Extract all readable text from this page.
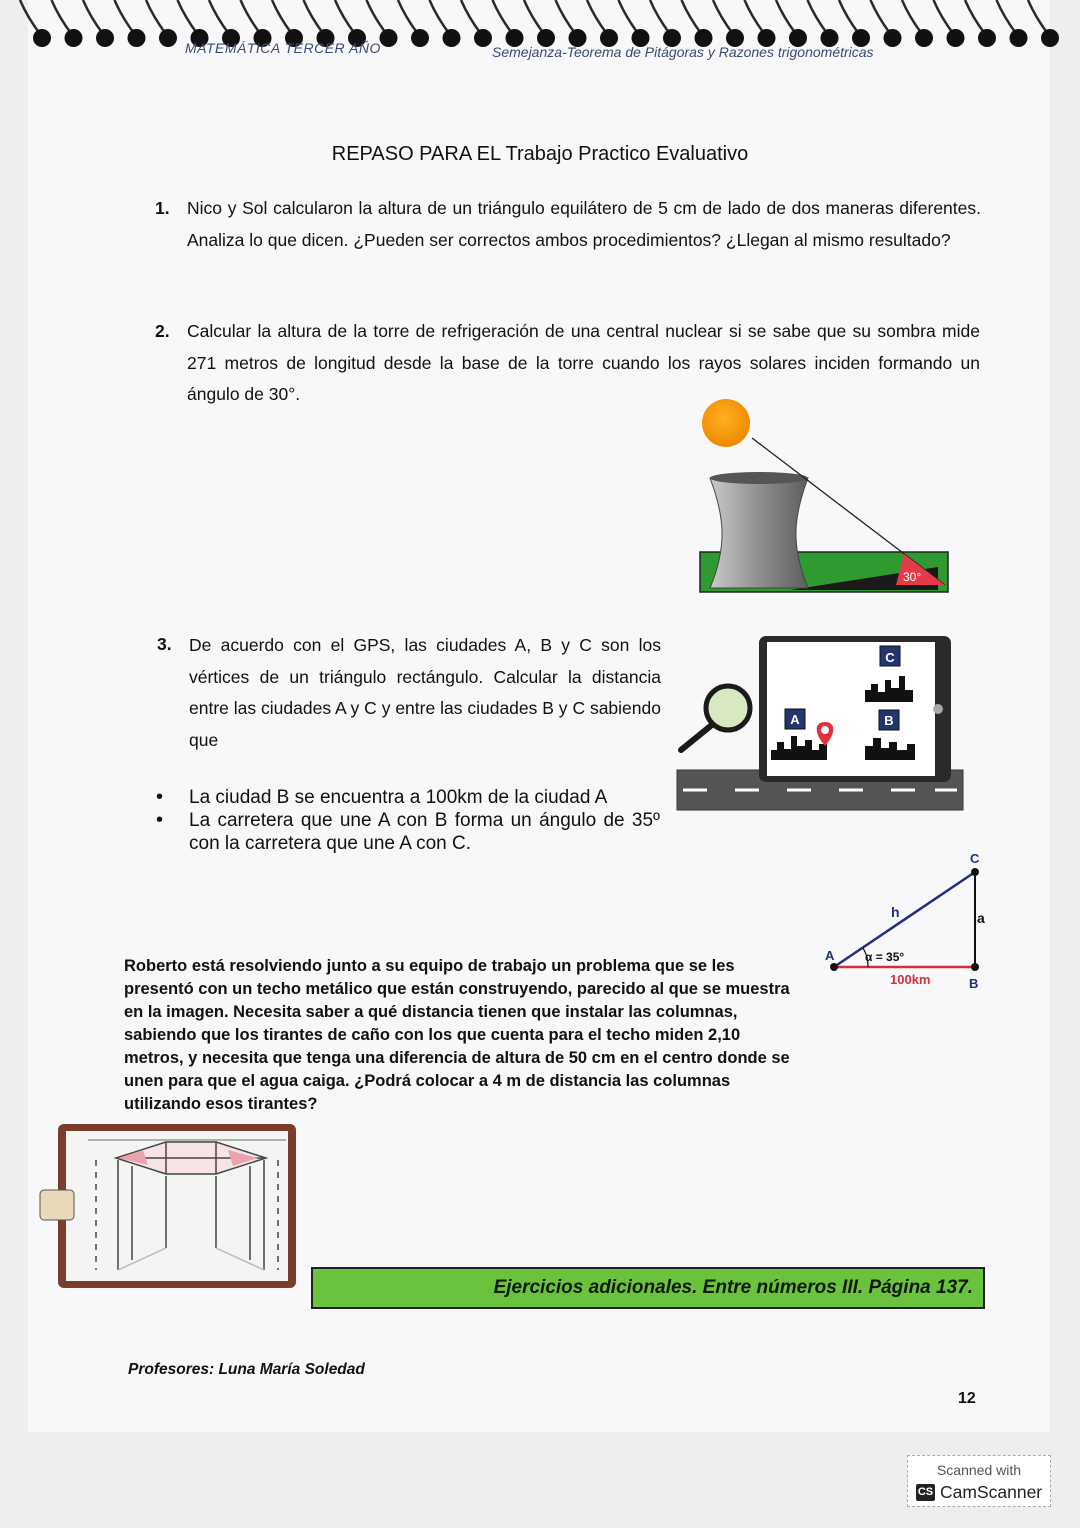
MATEMÁTICA TERCER AÑO	Semejanza-Teorema de Pitágoras y Razones trigonométricas
REPASO PARA EL Trabajo Practico Evaluativo
1. Nico y Sol calcularon la altura de un triángulo equilátero de 5 cm de lado de dos maneras diferentes. Analiza lo que dicen. ¿Pueden ser correctos ambos procedimientos? ¿Llegan al mismo resultado?
2. Calcular la altura de la torre de refrigeración de una central nuclear si se sabe que su sombra mide 271 metros de longitud desde la base de la torre cuando los rayos solares inciden formando un ángulo de 30°.
3. De acuerdo con el GPS, las ciudades A, B y C son los vértices de un triángulo rectángulo. Calcular la distancia entre las ciudades A y C y entre las ciudades B y C sabiendo que
• La ciudad B se encuentra a 100km de la ciudad A
• La carretera que une A con B forma un ángulo de 35º con la carretera que une A con C.
30°
C
A	B
A
B
C
h	a
α = 35°
100km
Roberto está resolviendo junto a su equipo de trabajo un problema que se les
presentó con un techo metálico que están construyendo, parecido al que se muestra
en la imagen. Necesita saber a qué distancia tienen que instalar las columnas,
sabiendo que los tirantes de caño con los que cuenta para el techo miden 2,10
metros, y necesita que tenga una diferencia de altura de 50 cm en el centro donde se
unen para que el agua caiga. ¿Podrá colocar a 4 m de distancia las columnas
utilizando esos tirantes?
Ejercicios adicionales. Entre números III. Página 137.
Profesores: Luna María Soledad
12
Scanned with
CS CamScanner
